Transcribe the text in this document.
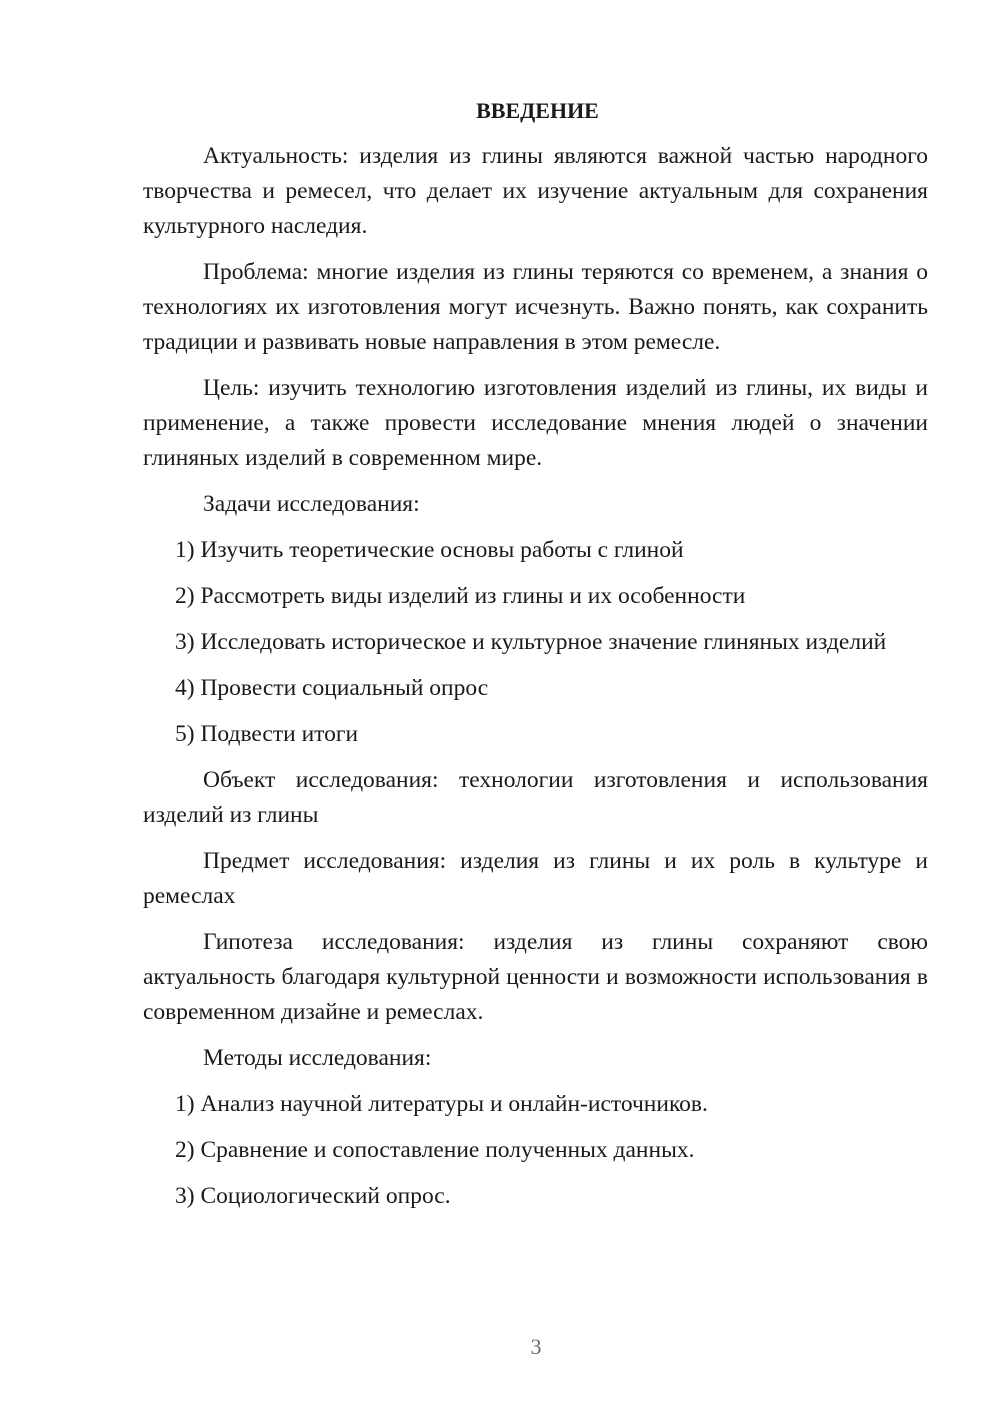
ВВЕДЕНИЕ

Актуальность: изделия из глины являются важной частью народного творчества и ремесел, что делает их изучение актуальным для сохранения культурного наследия.

Проблема: многие изделия из глины теряются со временем, а знания о технологиях их изготовления могут исчезнуть. Важно понять, как сохранить традиции и развивать новые направления в этом ремесле.

Цель: изучить технологию изготовления изделий из глины, их виды и применение, а также провести исследование мнения людей о значении глиняных изделий в современном мире.

Задачи исследования:

1) Изучить теоретические основы работы с глиной

2) Рассмотреть виды изделий из глины и их особенности

3) Исследовать историческое и культурное значение глиняных изделий

4) Провести социальный опрос

5) Подвести итоги

Объект исследования: технологии изготовления и использования изделий из глины

Предмет исследования: изделия из глины и их роль в культуре и ремеслах

Гипотеза исследования: изделия из глины сохраняют свою актуальность благодаря культурной ценности и возможности использования в современном дизайне и ремеслах.

Методы исследования:

1) Анализ научной литературы и онлайн-источников.

2) Сравнение и сопоставление полученных данных.

3) Социологический опрос.

3
